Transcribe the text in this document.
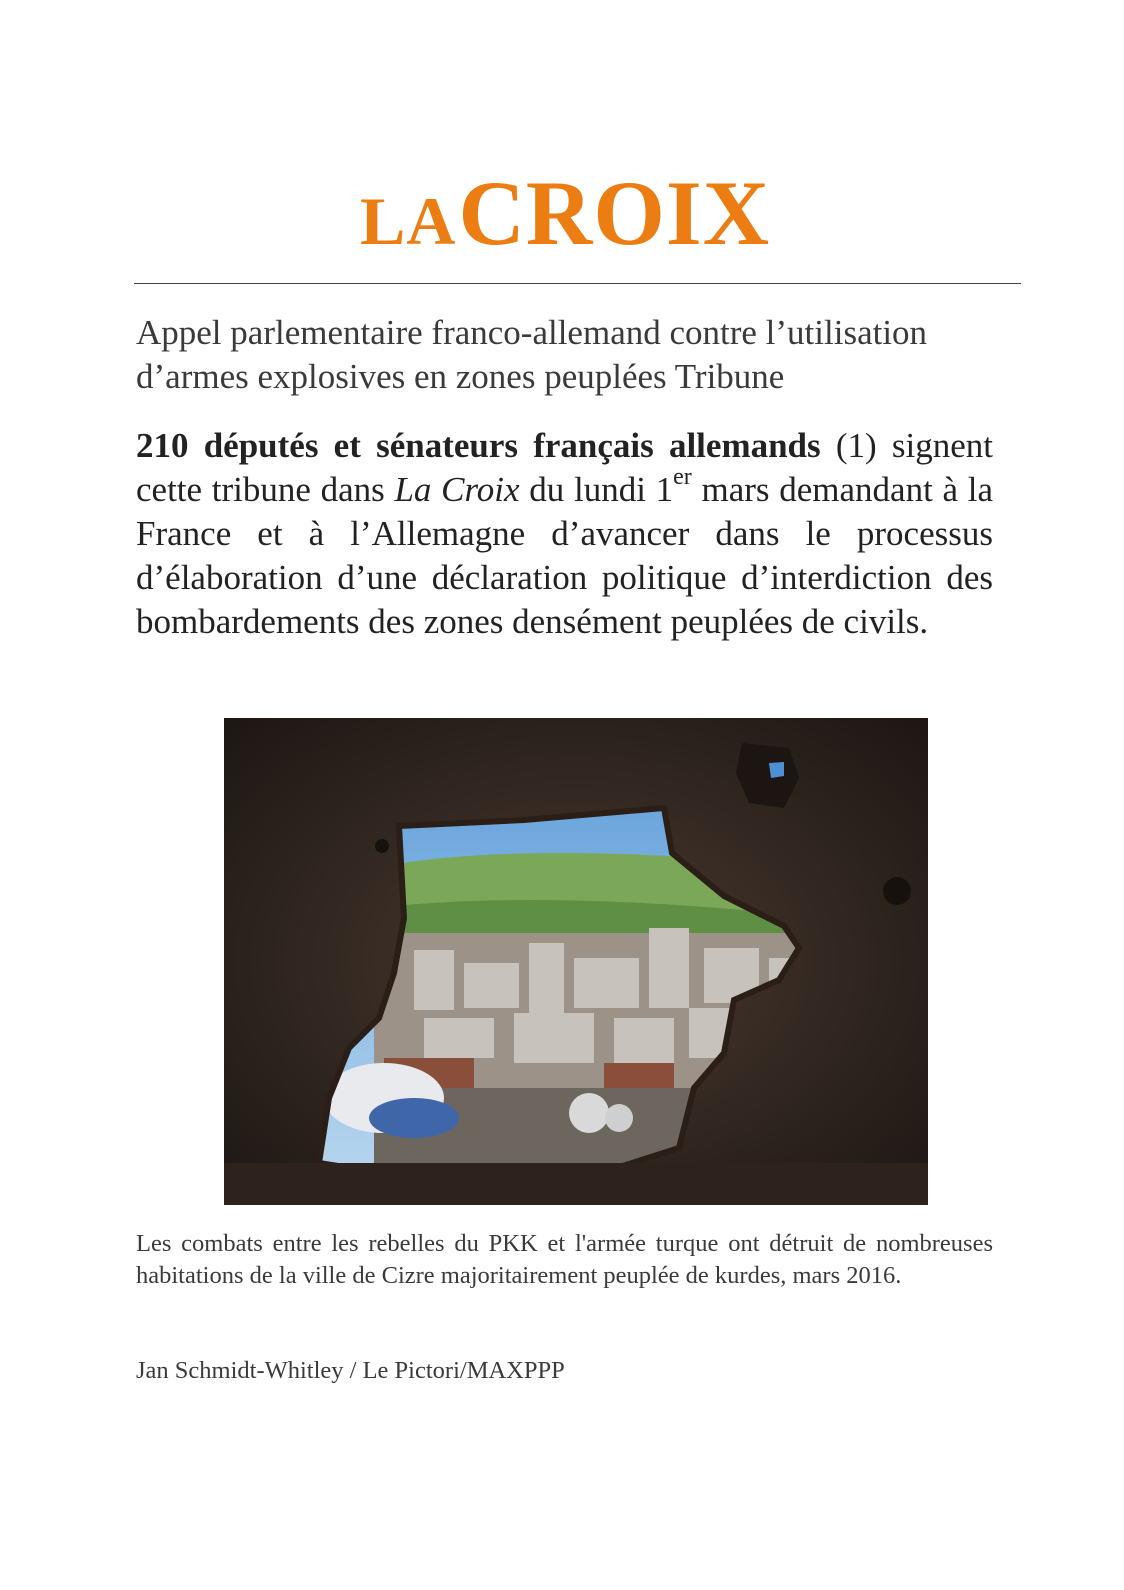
LA CROIX
Appel parlementaire franco-allemand contre l’utilisation d’armes explosives en zones peuplées Tribune
210 députés et sénateurs français allemands (1) signent cette tribune dans La Croix du lundi 1er mars demandant à la France et à l’Allemagne d’avancer dans le processus d’élaboration d’une déclaration politique d’interdiction des bombardements des zones densément peuplées de civils.
Les combats entre les rebelles du PKK et l'armée turque ont détruit de nombreuses habitations de la ville de Cizre majoritairement peuplée de kurdes, mars 2016.
Jan Schmidt-Whitley / Le Pictori/MAXPPP
